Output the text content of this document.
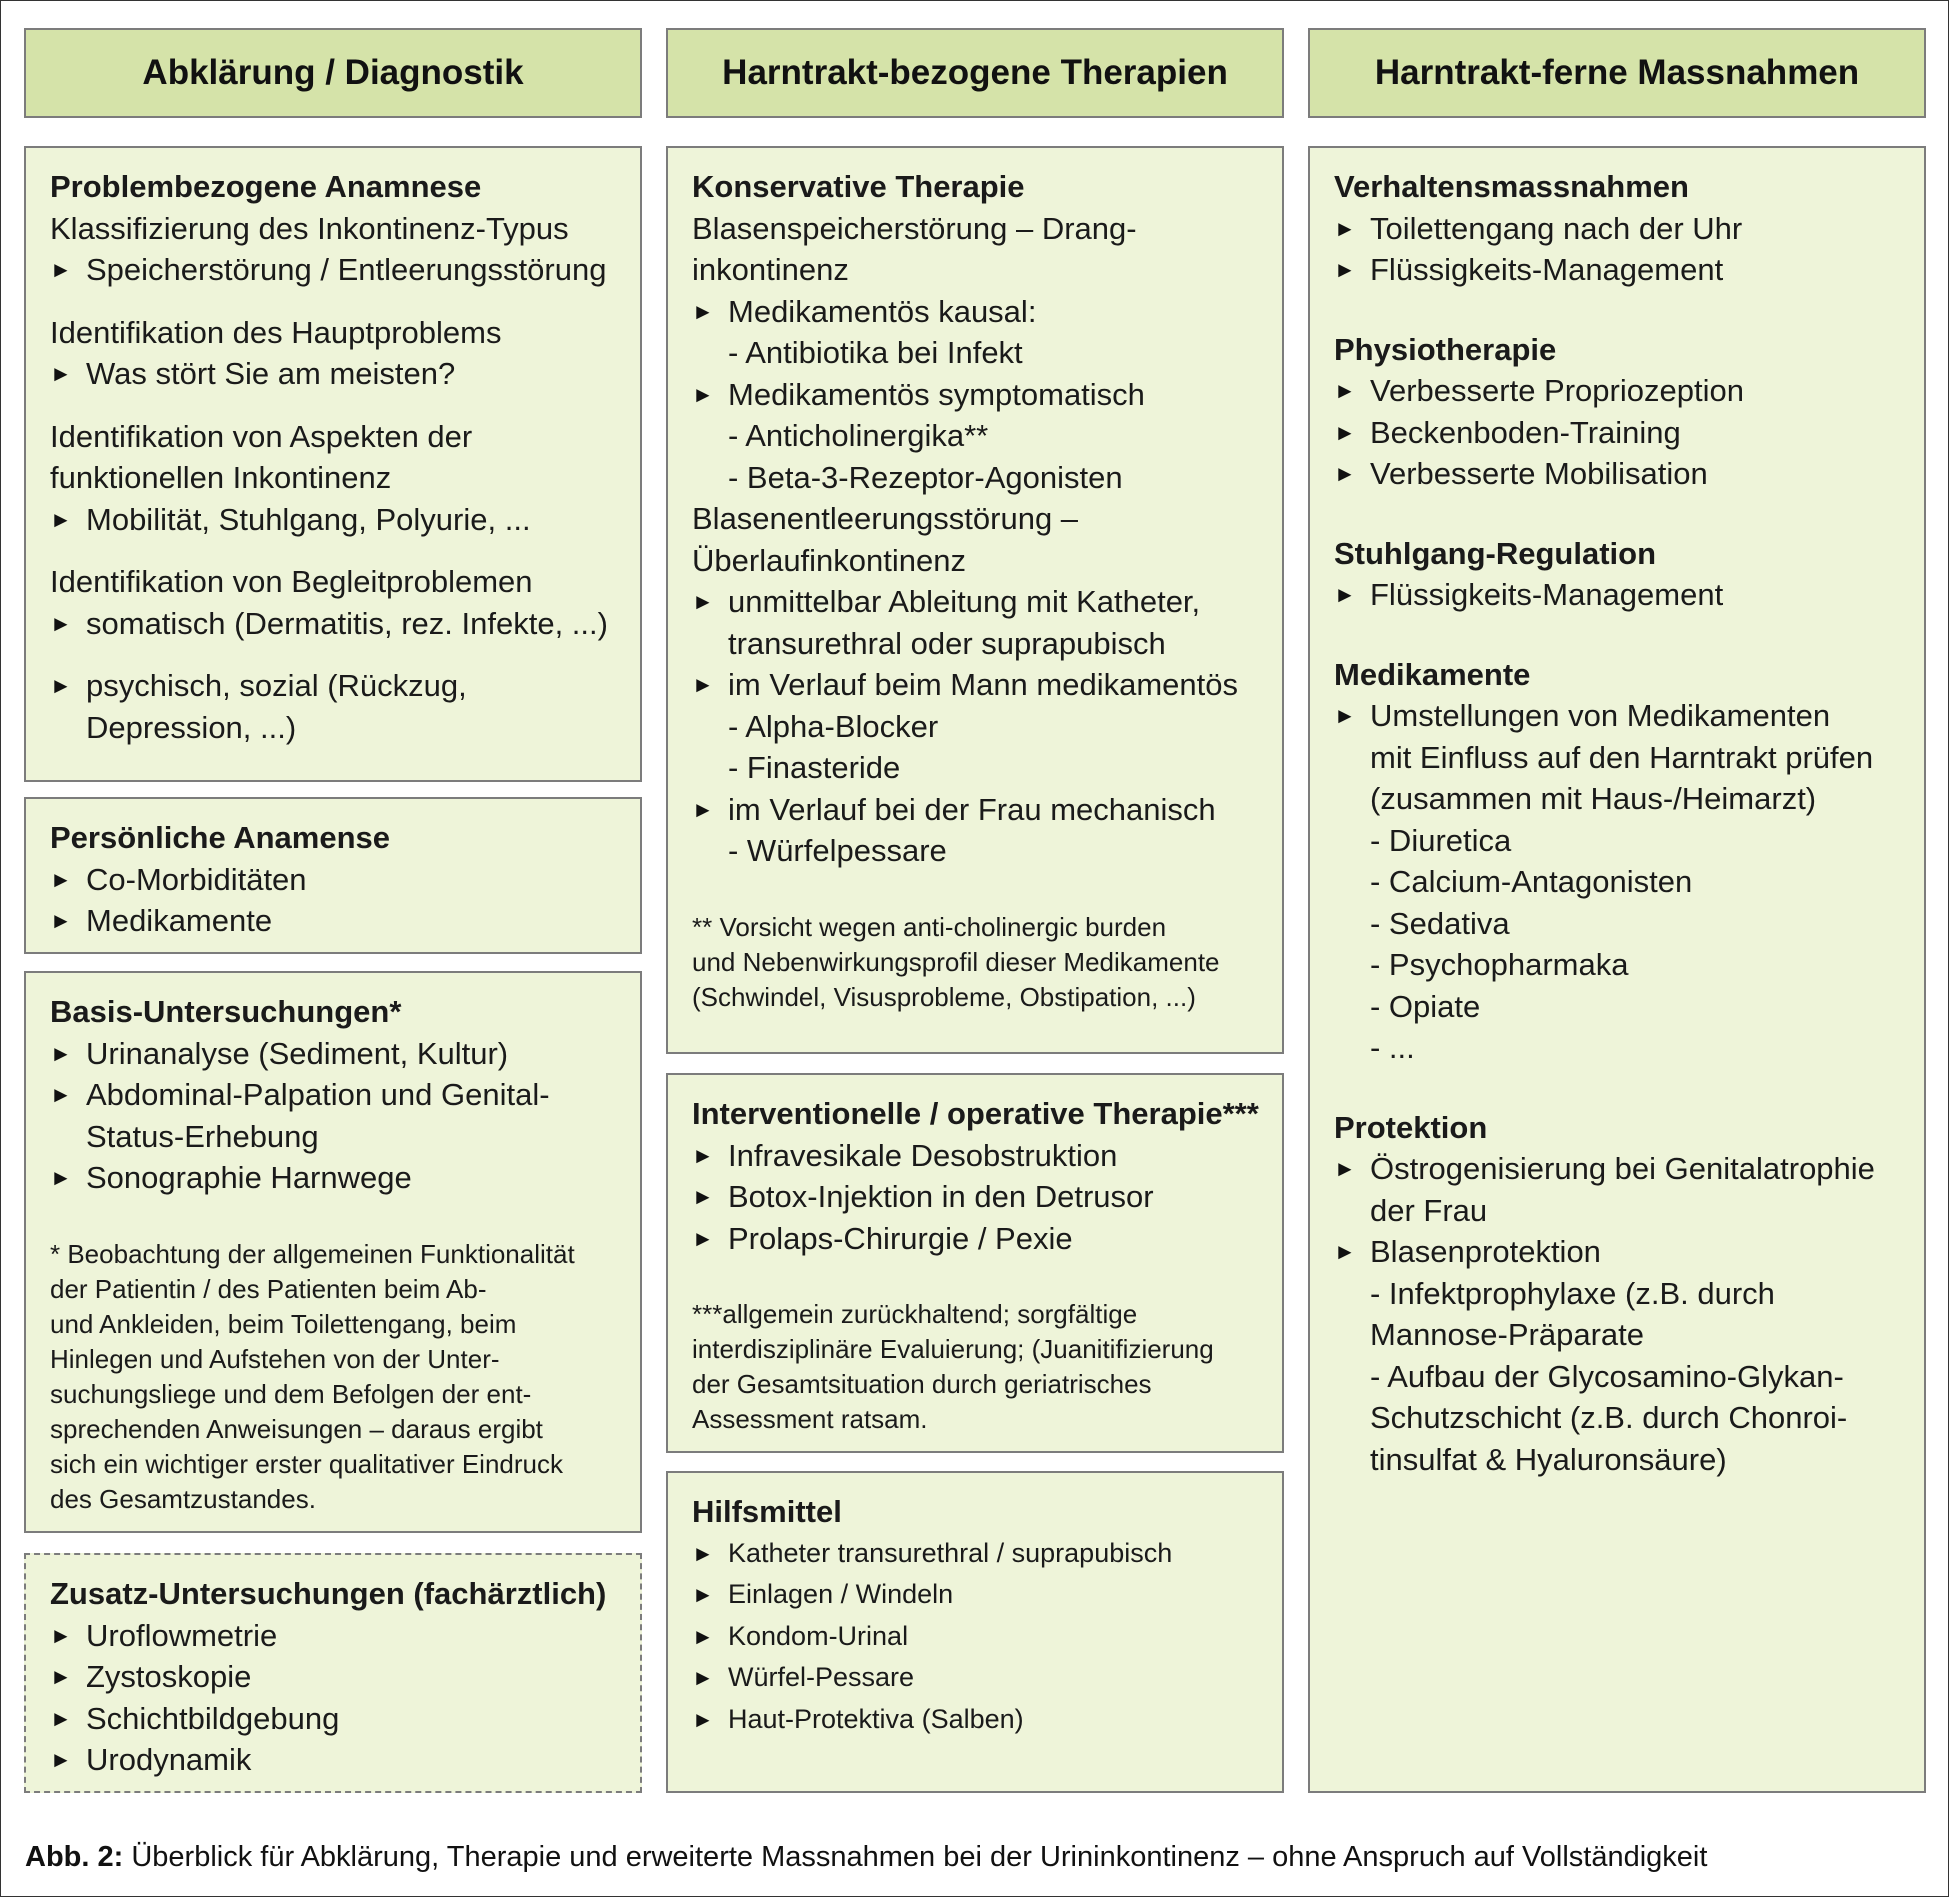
Abklärung / Diagnostik	Harntrakt-bezogene Therapien	Harntrakt-ferne Massnahmen
Problembezogene Anamnese
Klassifizierung des Inkontinenz-Typus
► Speicherstörung / Entleerungsstörung
Identifikation des Hauptproblems
► Was stört Sie am meisten?
Identifikation von Aspekten der
funktionellen Inkontinenz
► Mobilität, Stuhlgang, Polyurie, ...
Identifikation von Begleitproblemen
► somatisch (Dermatitis, rez. Infekte, ...)
► psychisch, sozial (Rückzug,
Depression, ...)
Persönliche Anamense
► Co-Morbiditäten
► Medikamente
Basis-Untersuchungen*
► Urinanalyse (Sediment, Kultur)
► Abdominal-Palpation und Genital-
Status-Erhebung
► Sonographie Harnwege
* Beobachtung der allgemeinen Funktionalität
der Patientin / des Patienten beim Ab-
und Ankleiden, beim Toilettengang, beim
Hinlegen und Aufstehen von der Unter-
suchungsliege und dem Befolgen der ent-
sprechenden Anweisungen – daraus ergibt
sich ein wichtiger erster qualitativer Eindruck
des Gesamtzustandes.
Zusatz-Untersuchungen (fachärztlich)
► Uroflowmetrie
► Zystoskopie
► Schichtbildgebung
► Urodynamik
Konservative Therapie
Blasenspeicherstörung – Drang-
inkontinenz
► Medikamentös kausal:
- Antibiotika bei Infekt
► Medikamentös symptomatisch
- Anticholinergika**
- Beta-3-Rezeptor-Agonisten
Blasenentleerungsstörung –
Überlaufinkontinenz
► unmittelbar Ableitung mit Katheter,
transurethral oder suprapubisch
► im Verlauf beim Mann medikamentös
- Alpha-Blocker
- Finasteride
► im Verlauf bei der Frau mechanisch
- Würfelpessare
** Vorsicht wegen anti-cholinergic burden
und Nebenwirkungsprofil dieser Medikamente
(Schwindel, Visusprobleme, Obstipation, ...)
Interventionelle / operative Therapie***
► Infravesikale Desobstruktion
► Botox-Injektion in den Detrusor
► Prolaps-Chirurgie / Pexie
***allgemein zurückhaltend; sorgfältige
interdisziplinäre Evaluierung; (Juanitifizierung
der Gesamtsituation durch geriatrisches
Assessment ratsam.
Hilfsmittel
► Katheter transurethral / suprapubisch
► Einlagen / Windeln
► Kondom-Urinal
► Würfel-Pessare
► Haut-Protektiva (Salben)
Verhaltensmassnahmen
► Toilettengang nach der Uhr
► Flüssigkeits-Management
Physiotherapie
► Verbesserte Propriozeption
► Beckenboden-Training
► Verbesserte Mobilisation
Stuhlgang-Regulation
► Flüssigkeits-Management
Medikamente
► Umstellungen von Medikamenten
mit Einfluss auf den Harntrakt prüfen
(zusammen mit Haus-/Heimarzt)
- Diuretica
- Calcium-Antagonisten
- Sedativa
- Psychopharmaka
- Opiate
- ...
Protektion
► Östrogenisierung bei Genitalatrophie
der Frau
► Blasenprotektion
- Infektprophylaxe (z.B. durch
Mannose-Präparate
- Aufbau der Glycosamino-Glykan-
Schutzschicht (z.B. durch Chonroi-
tinsulfat & Hyaluronsäure)
Abb. 2: Überblick für Abklärung, Therapie und erweiterte Massnahmen bei der Urininkontinenz – ohne Anspruch auf Vollständigkeit
